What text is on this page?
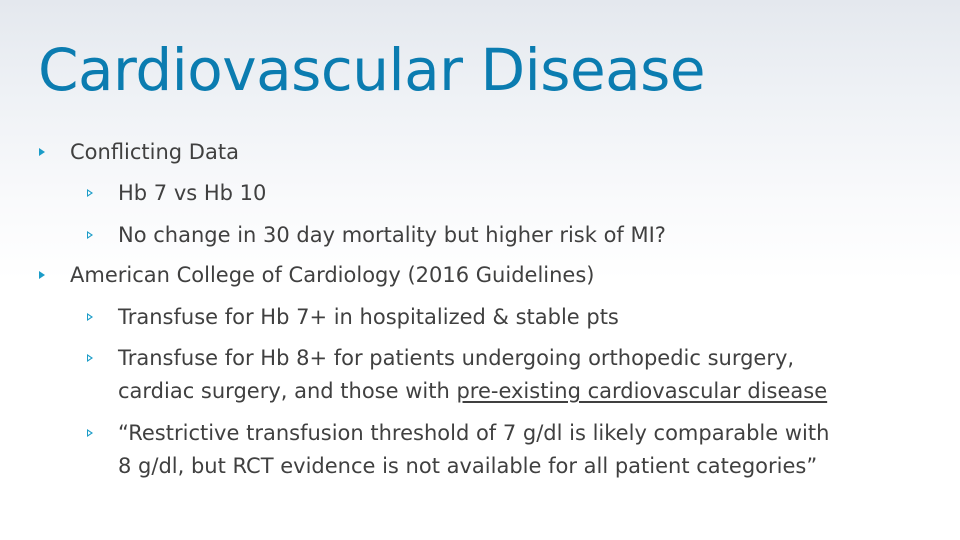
Cardiovascular Disease
Conflicting Data
Hb 7 vs Hb 10
No change in 30 day mortality but higher risk of MI?
American College of Cardiology (2016 Guidelines)
Transfuse for Hb 7+ in hospitalized & stable pts
Transfuse for Hb 8+ for patients undergoing orthopedic surgery,
cardiac surgery, and those with pre-existing cardiovascular disease
“Restrictive transfusion threshold of 7 g/dl is likely comparable with
8 g/dl, but RCT evidence is not available for all patient categories”
